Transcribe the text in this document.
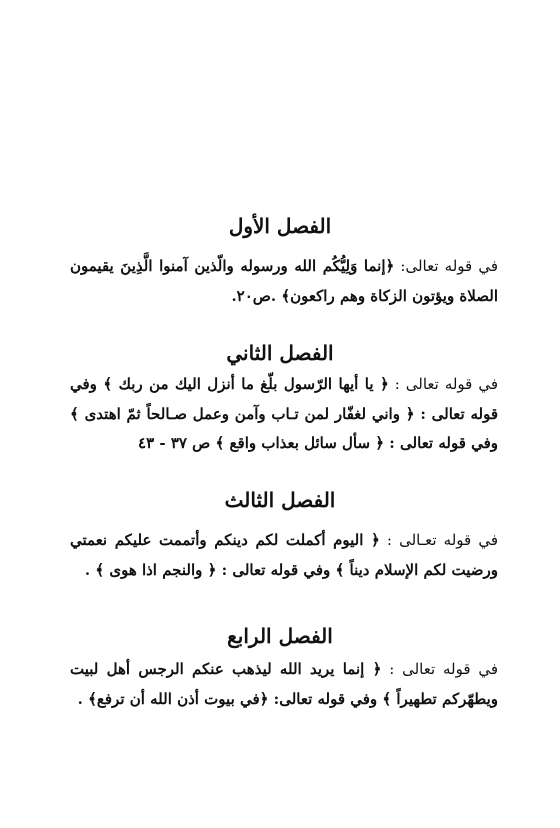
الفصل الأول

في قوله تعالى: ﴿إنما وَلِيُّكُم الله ورسوله والّذين آمنوا الَّذِينَ يقيمون الصلاة ويؤتون الزكاة وهم راكعون﴾ .ص۲۰.

الفصل الثاني

في قوله تعالى : ﴿ يا أيها الرّسول بلّغ ما أنزل اليك من ربك ﴾ وفي قوله تعالى : ﴿ واني لغفّار لمن تـاب وآمن وعمل صـالحاً ثمّ اهتدى ﴾ وفي قوله تعالى : ﴿ سأل سائل بعذاب واقع ﴾ ص ٣٧ - ٤٣

الفصل الثالث

في قوله تعـالى : ﴿ اليوم أكملت لكم دينكم وأتممت عليكم نعمتي ورضيت لكم الإسلام ديناً ﴾ وفي قوله تعالى : ﴿ والنجم اذا هوى ﴾ .

الفصل الرابع

في قوله تعالى : ﴿ إنما يريد الله ليذهب عنكم الرجس أهل لبيت ويطهّركم تطهيراً ﴾ وفي قوله تعالى: ﴿في بيوت أذن الله أن ترفع﴾ .
